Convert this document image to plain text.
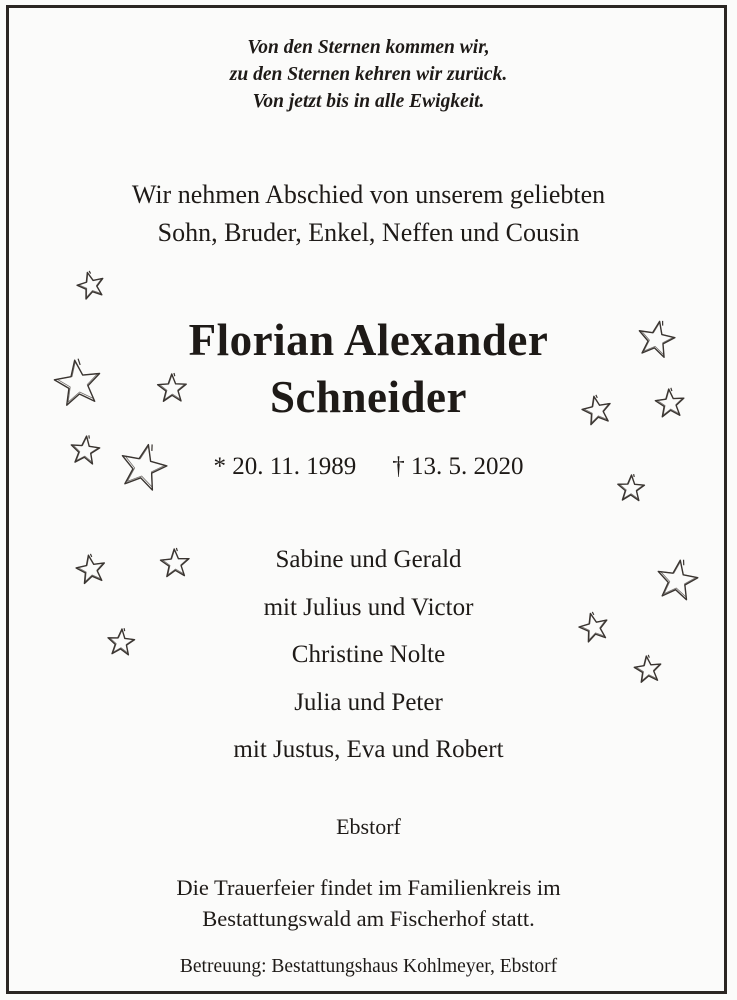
Von den Sternen kommen wir,
zu den Sternen kehren wir zurück.
Von jetzt bis in alle Ewigkeit.
Wir nehmen Abschied von unserem geliebten
Sohn, Bruder, Enkel, Neffen und Cousin
Florian Alexander
Schneider
* 20. 11. 1989 † 13. 5. 2020
Sabine und Gerald
mit Julius und Victor
Christine Nolte
Julia und Peter
mit Justus, Eva und Robert
Ebstorf
Die Trauerfeier findet im Familienkreis im
Bestattungswald am Fischerhof statt.
Betreuung: Bestattungshaus Kohlmeyer, Ebstorf
